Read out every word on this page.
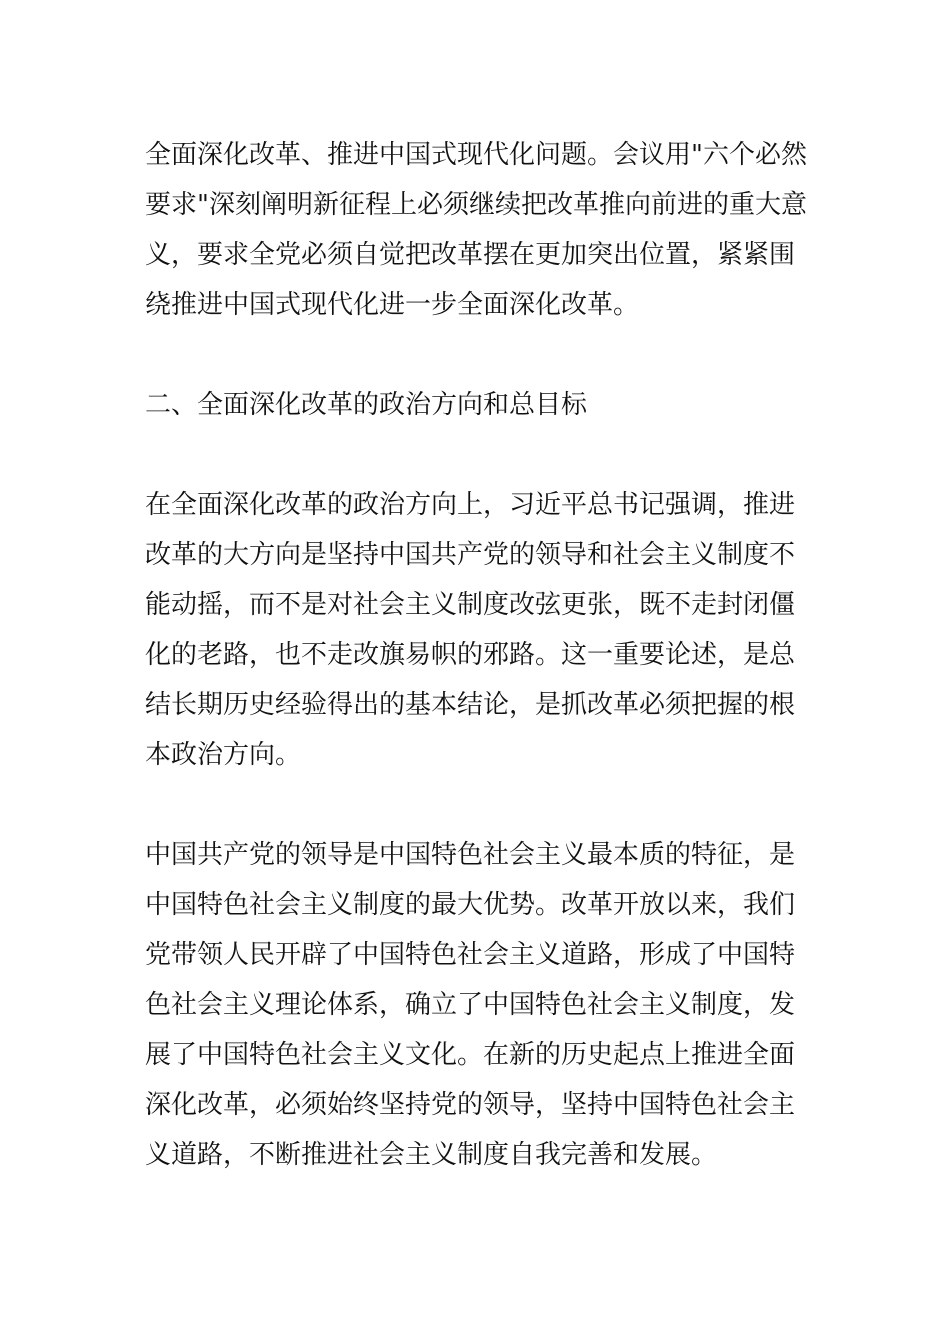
全面深化改革、推进中国式现代化问题。会议用"六个必然
要求"深刻阐明新征程上必须继续把改革推向前进的重大意
义，要求全党必须自觉把改革摆在更加突出位置，紧紧围
绕推进中国式现代化进一步全面深化改革。
二、全面深化改革的政治方向和总目标
在全面深化改革的政治方向上，习近平总书记强调，推进
改革的大方向是坚持中国共产党的领导和社会主义制度不
能动摇，而不是对社会主义制度改弦更张，既不走封闭僵
化的老路，也不走改旗易帜的邪路。这一重要论述，是总
结长期历史经验得出的基本结论，是抓改革必须把握的根
本政治方向。
中国共产党的领导是中国特色社会主义最本质的特征，是
中国特色社会主义制度的最大优势。改革开放以来，我们
党带领人民开辟了中国特色社会主义道路，形成了中国特
色社会主义理论体系，确立了中国特色社会主义制度，发
展了中国特色社会主义文化。在新的历史起点上推进全面
深化改革，必须始终坚持党的领导，坚持中国特色社会主
义道路，不断推进社会主义制度自我完善和发展。
